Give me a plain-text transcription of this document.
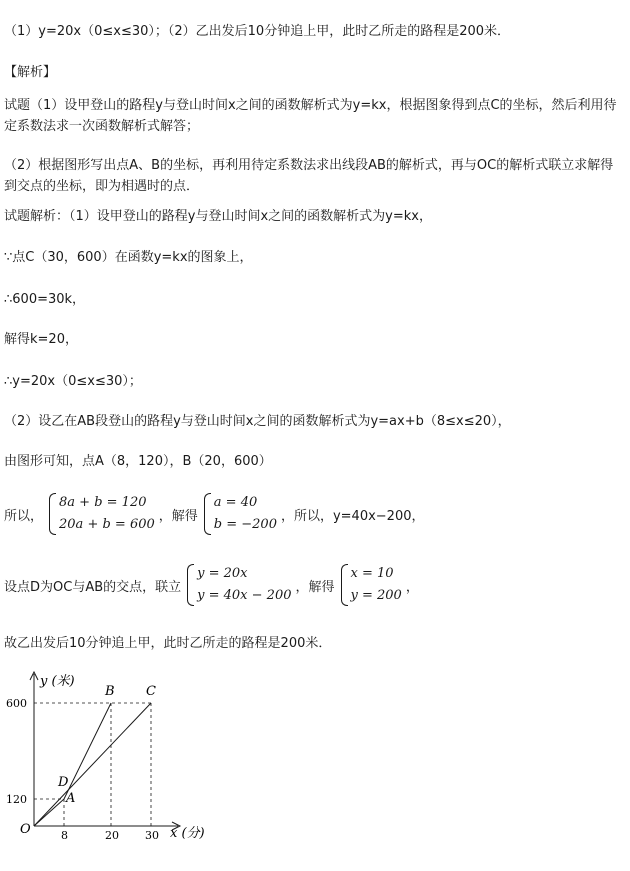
（1）y=20x（0≤x≤30）；（2）乙出发后10分钟追上甲，此时乙所走的路程是200米．
【解析】
试题（1）设甲登山的路程y与登山时间x之间的函数解析式为y=kx，根据图象得到点C的坐标，然后利用待定系数法求一次函数解析式解答；
（2）根据图形写出点A、B的坐标，再利用待定系数法求出线段AB的解析式，再与OC的解析式联立求解得到交点的坐标，即为相遇时的点．
试题解析：（1）设甲登山的路程y与登山时间x之间的函数解析式为y=kx，
∵点C（30，600）在函数y=kx的图象上，
∴600=30k，
解得k=20，
∴y=20x（0≤x≤30）；
（2）设乙在AB段登山的路程y与登山时间x之间的函数解析式为y=ax+b（8≤x≤20），
由图形可知，点A（8，120），B（20，600）
所以，
8a + b = 120
20a + b = 600
，解得
a = 40
b = −200
，所以，y=40x−200，
设点D为OC与AB的交点，联立
y = 20x
y = 40x − 200
，解得
x = 10
y = 200
，
故乙出发后10分钟追上甲，此时乙所走的路程是200米．
y (米)
x (分)
600
120
8	20 30
O
A
B C
D
